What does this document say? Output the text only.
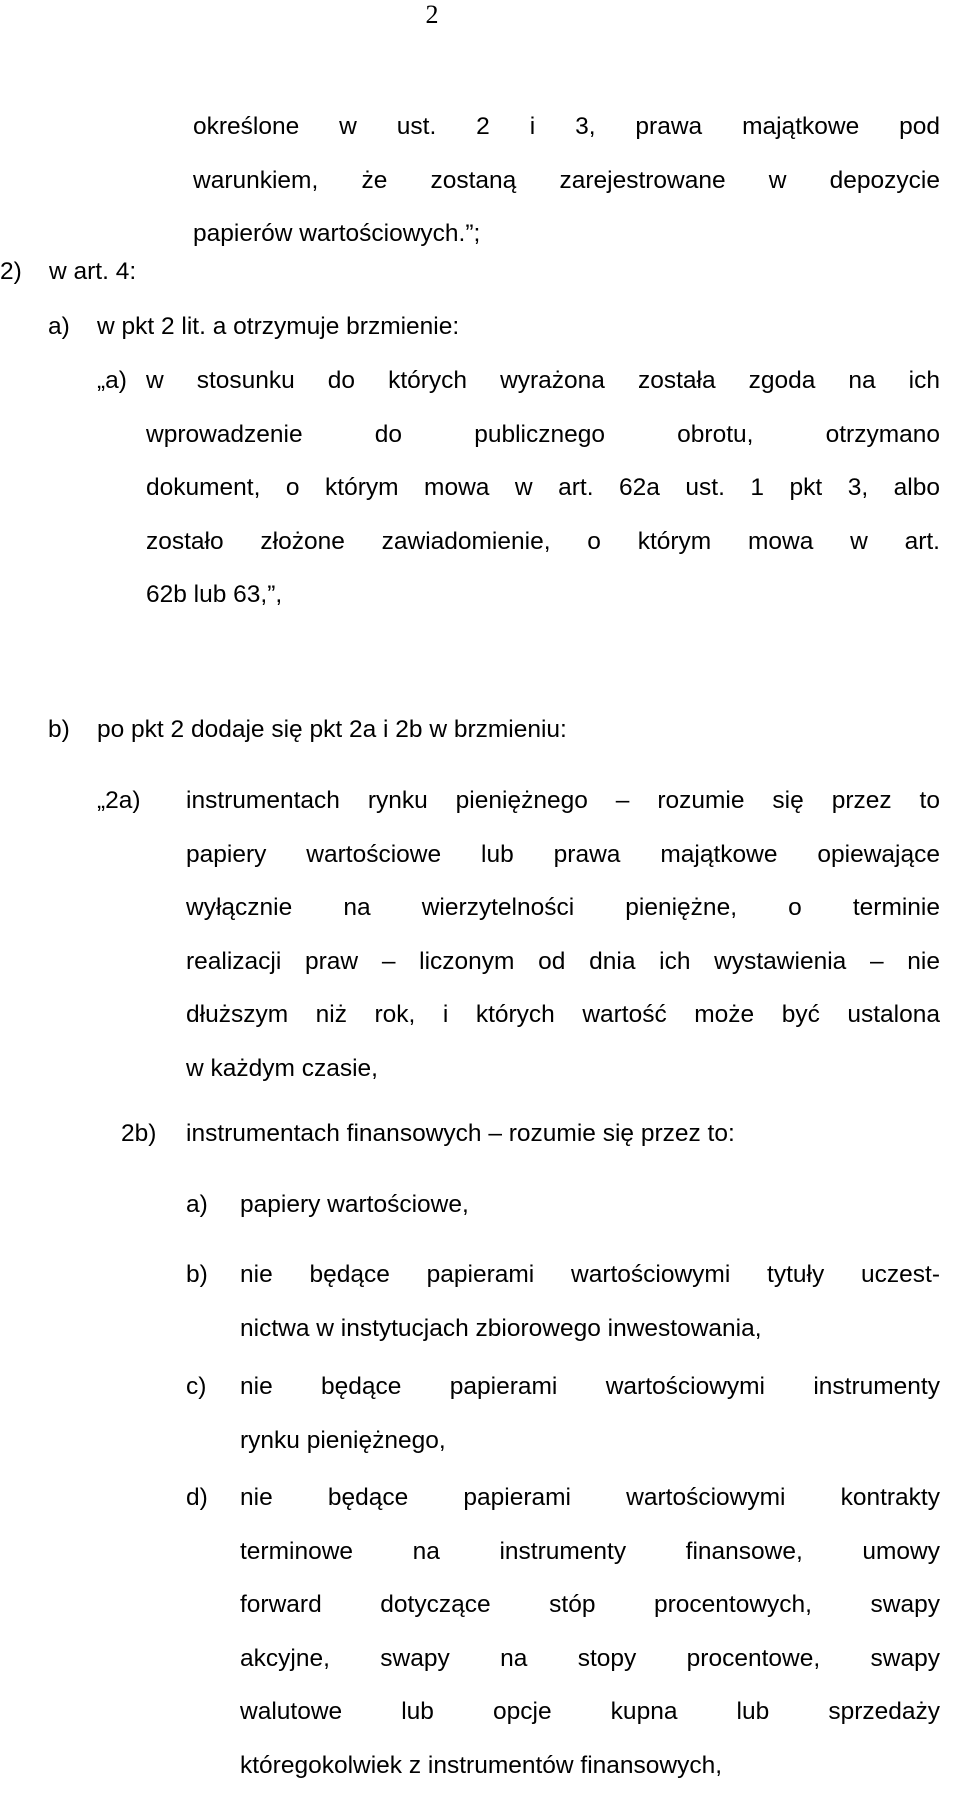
2
określone w ust. 2 i 3, prawa majątkowe pod
warunkiem, że zostaną zarejestrowane w depozycie
papierów wartościowych.”;
2) w art. 4:
a) w pkt 2 lit. a otrzymuje brzmienie:
„a) w stosunku do których wyrażona została zgoda na ich
wprowadzenie do publicznego obrotu, otrzymano
dokument, o którym mowa w art. 62a ust. 1 pkt 3, albo
zostało złożone zawiadomienie, o którym mowa w art.
62b lub 63,”,
b) po pkt 2 dodaje się pkt 2a i 2b w brzmieniu:
„2a) instrumentach rynku pieniężnego – rozumie się przez to
papiery wartościowe lub prawa majątkowe opiewające
wyłącznie na wierzytelności pieniężne, o terminie
realizacji praw – liczonym od dnia ich wystawienia – nie
dłuższym niż rok, i których wartość może być ustalona
w każdym czasie,
2b) instrumentach finansowych – rozumie się przez to:
a) papiery wartościowe,
b) nie będące papierami wartościowymi tytuły uczest-
nictwa w instytucjach zbiorowego inwestowania,
c) nie będące papierami wartościowymi instrumenty
rynku pieniężnego,
d) nie będące papierami wartościowymi kontrakty
terminowe na instrumenty finansowe, umowy
forward dotyczące stóp procentowych, swapy
akcyjne, swapy na stopy procentowe, swapy
walutowe lub opcje kupna lub sprzedaży
któregokolwiek z instrumentów finansowych,
